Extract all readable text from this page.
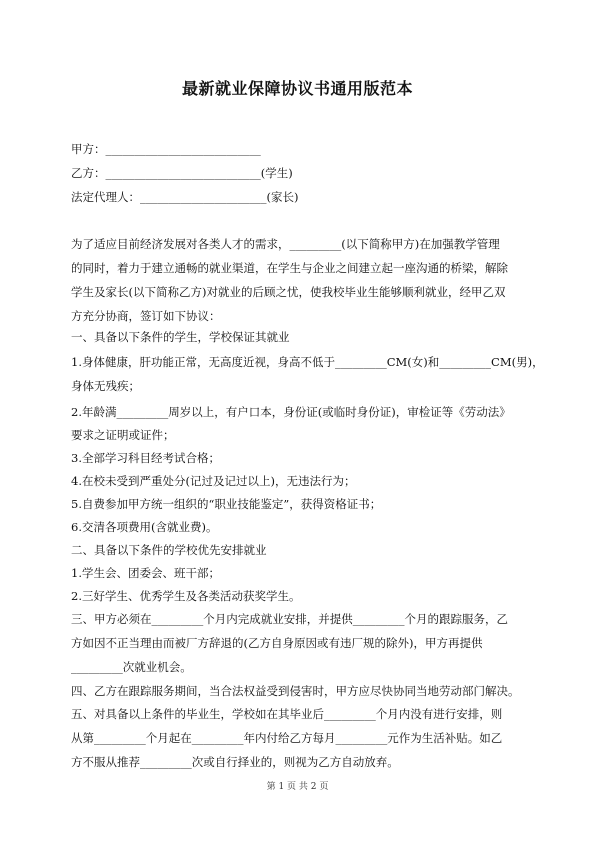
最新就业保障协议书通用版范本
甲方：___________________________
乙方：___________________________(学生)
法定代理人：______________________(家长)
为了适应目前经济发展对各类人才的需求，_________(以下简称甲方)在加强教学管理
的同时，着力于建立通畅的就业渠道，在学生与企业之间建立起一座沟通的桥梁，解除
学生及家长(以下简称乙方)对就业的后顾之忧，使我校毕业生能够顺利就业，经甲乙双
方充分协商，签订如下协议：
一、具备以下条件的学生，学校保证其就业
1.身体健康，肝功能正常，无高度近视，身高不低于_________CM(女)和_________CM(男)，
身体无残疾；
2.年龄满_________周岁以上，有户口本，身份证(或临时身份证)，审检证等《劳动法》
要求之证明或证件；
3.全部学习科目经考试合格；
4.在校未受到严重处分(记过及记过以上)，无违法行为；
5.自费参加甲方统一组织的“职业技能鉴定”，获得资格证书；
6.交清各项费用(含就业费)。
二、具备以下条件的学校优先安排就业
1.学生会、团委会、班干部；
2.三好学生、优秀学生及各类活动获奖学生。
三、甲方必须在_________个月内完成就业安排，并提供_________个月的跟踪服务，乙
方如因不正当理由而被厂方辞退的(乙方自身原因或有违厂规的除外)，甲方再提供
_________次就业机会。
四、乙方在跟踪服务期间，当合法权益受到侵害时，甲方应尽快协同当地劳动部门解决。
五、对具备以上条件的毕业生，学校如在其毕业后_________个月内没有进行安排，则
从第_________个月起在_________年内付给乙方每月_________元作为生活补贴。如乙
方不服从推荐_________次或自行择业的，则视为乙方自动放弃。
第 1 页 共 2 页
